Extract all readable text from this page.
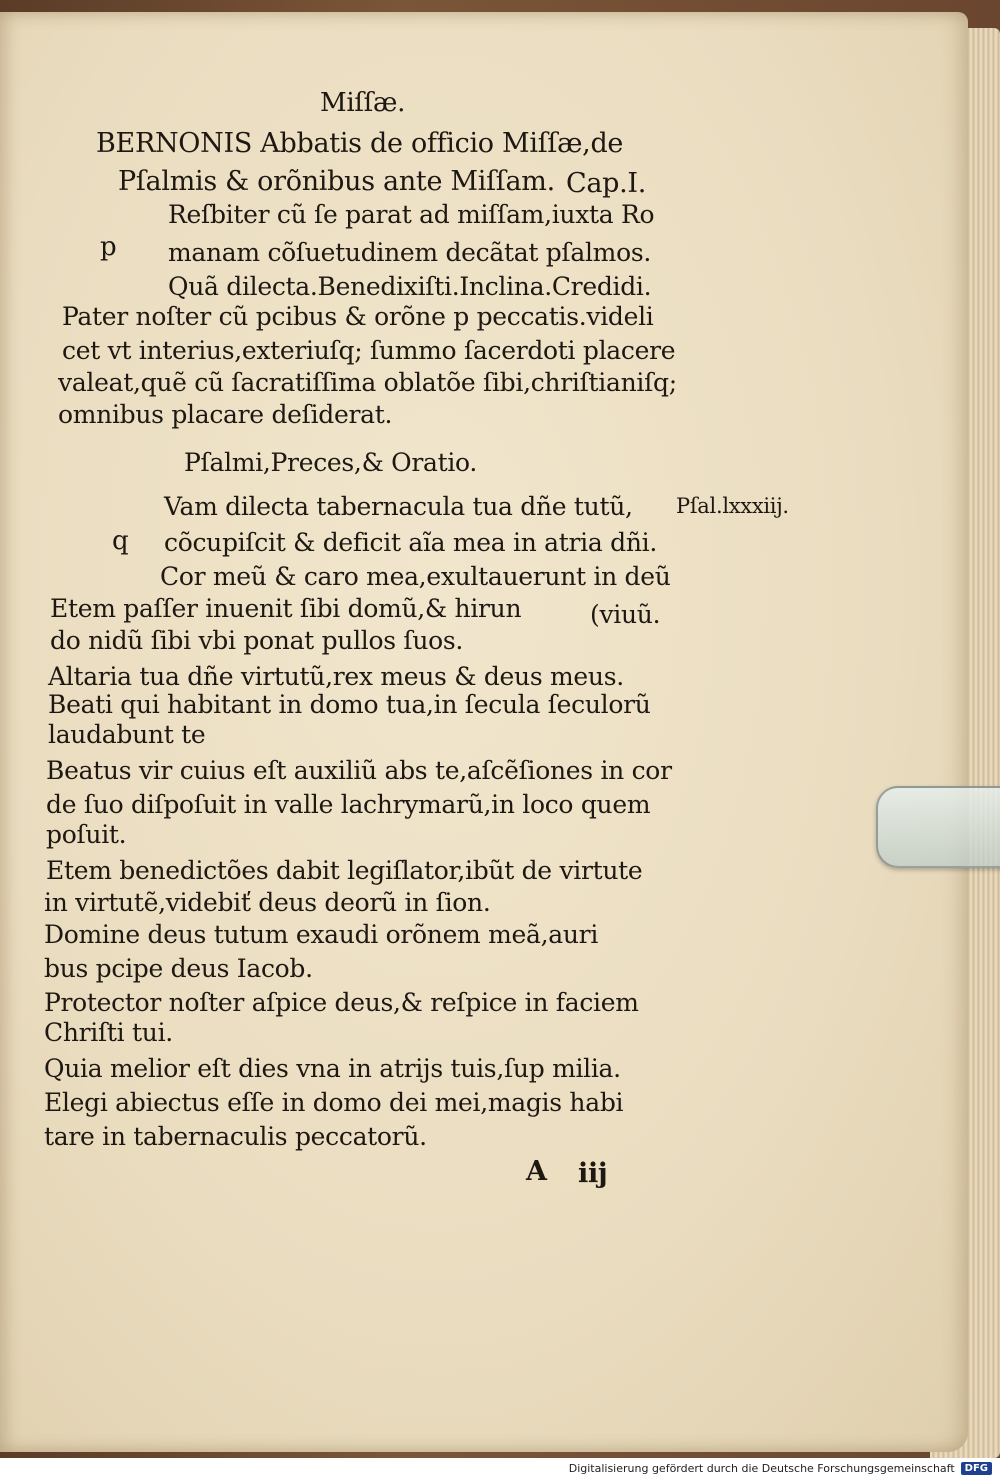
Miſſæ.
BERNONIS Abbatis de officio Miſſæ,de
Pſalmis & orõnibus ante Miſſam. Cap.I.
p
Reſbiter cũ ſe parat ad miſſam,iuxta Ro
manam cõſuetudinem decãtat pſalmos.
Quã dilecta.Benedixiſti.Inclina.Credidi.
Pater noſter cũ pcibus & orõne p peccatis.videli
cet vt interius,exteriuſq; ſummo ſacerdoti placere
valeat,quẽ cũ ſacratiſſima oblatõe ſibi,chriſtianiſq;
omnibus placare deſiderat.
Pſalmi,Preces,& Oratio.
Vam dilecta tabernacula tua dñe tutũ, Pſal.lxxxiij.
q cõcupiſcit & deficit aĩa mea in atria dñi.
Cor meũ & caro mea,exultauerunt in deũ
Etem paſſer inuenit ſibi domũ,& hirun	(viuũ.
do nidũ ſibi vbi ponat pullos ſuos.
Altaria tua dñe virtutũ,rex meus & deus meus.
Beati qui habitant in domo tua,in ſecula ſeculorũ
laudabunt te
Beatus vir cuius eſt auxiliũ abs te,aſcẽſiones in cor
de ſuo diſpoſuit in valle lachrymarũ,in loco quem
poſuit.
Etem benedictões dabit legiſlator,ibũt de virtute
in virtutẽ,videbiť deus deorũ in ſion.
Domine deus tutum exaudi orõnem meã,auri
bus pcipe deus Iacob.
Protector noſter aſpice deus,& reſpice in faciem
Chriſti tui.
Quia melior eſt dies vna in atrijs tuis,ſup milia.
Elegi abiectus eſſe in domo dei mei,magis habi
tare in tabernaculis peccatorũ.
A iij
Digitalisierung gefördert durch die Deutsche Forschungsgemeinschaft	DFG
